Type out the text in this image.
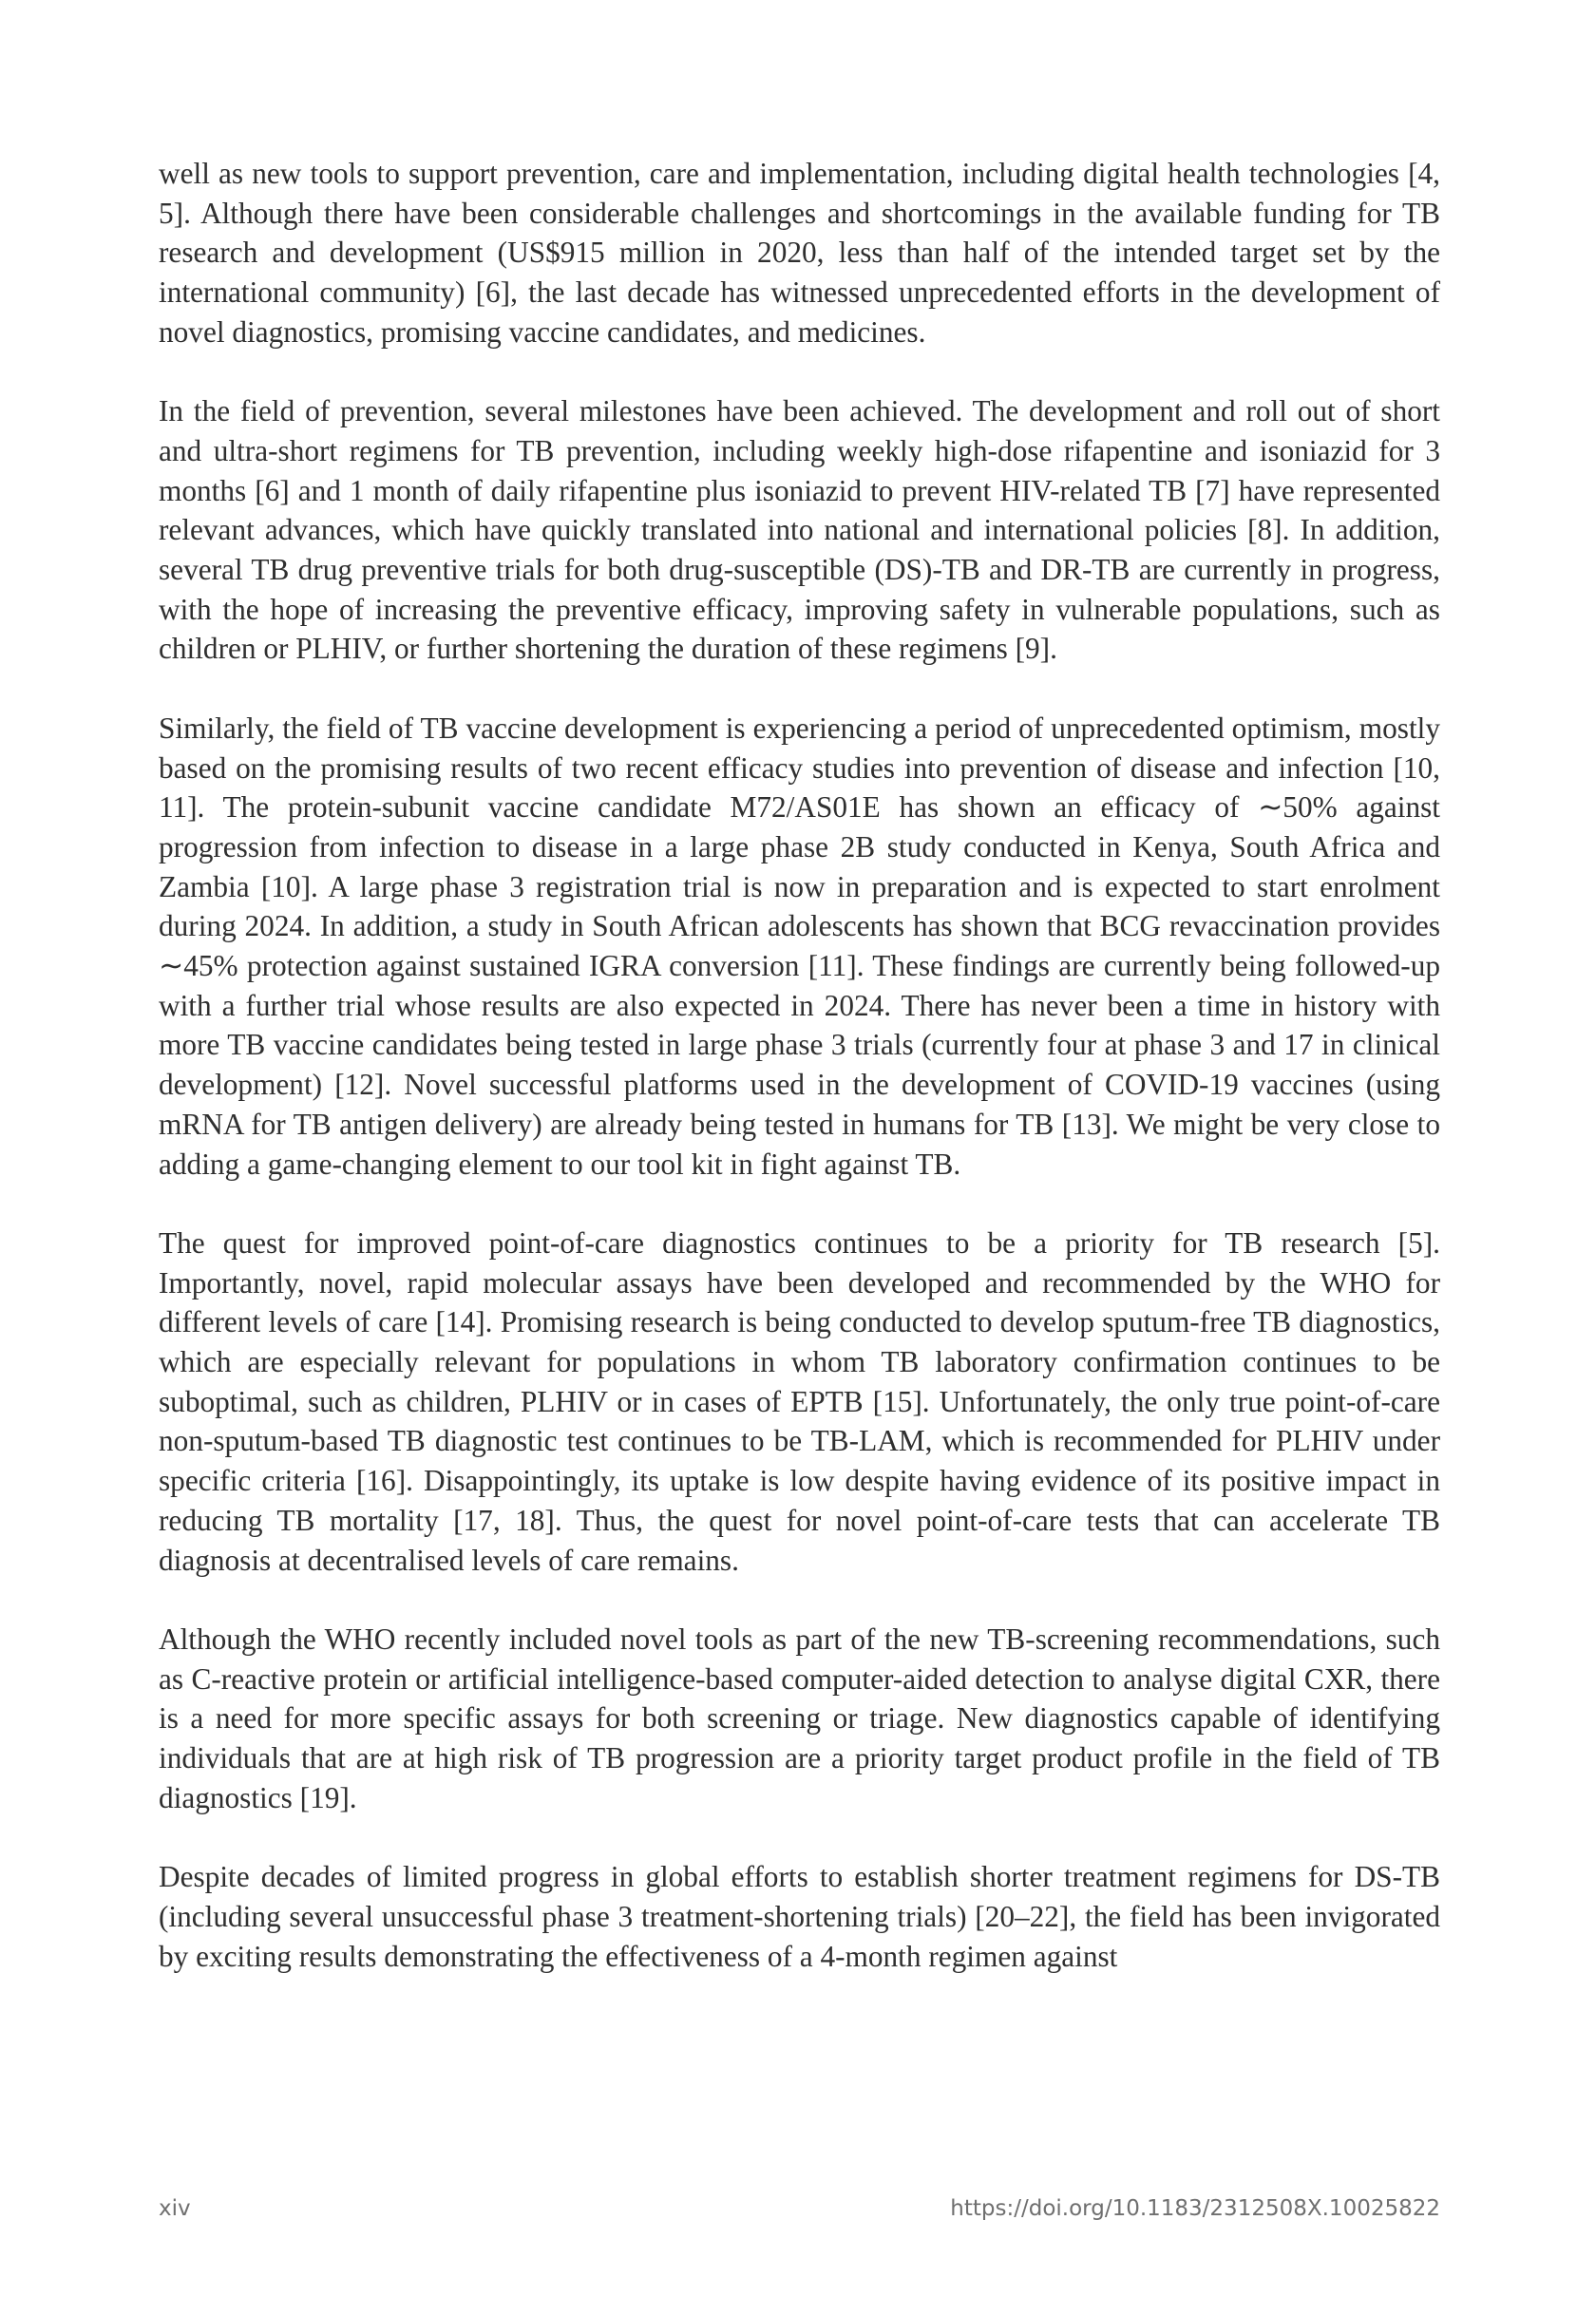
well as new tools to support prevention, care and implementation, including digital health technologies [4, 5]. Although there have been considerable challenges and shortcomings in the available funding for TB research and development (US$915 million in 2020, less than half of the intended target set by the international community) [6], the last decade has witnessed unprecedented efforts in the development of novel diagnostics, promising vaccine candidates, and medicines.

In the field of prevention, several milestones have been achieved. The development and roll out of short and ultra-short regimens for TB prevention, including weekly high-dose rifapentine and isoniazid for 3 months [6] and 1 month of daily rifapentine plus isoniazid to prevent HIV-related TB [7] have represented relevant advances, which have quickly translated into national and international policies [8]. In addition, several TB drug preventive trials for both drug-susceptible (DS)-TB and DR-TB are currently in progress, with the hope of increasing the preventive efficacy, improving safety in vulnerable populations, such as children or PLHIV, or further shortening the duration of these regimens [9].

Similarly, the field of TB vaccine development is experiencing a period of unprecedented optimism, mostly based on the promising results of two recent efficacy studies into prevention of disease and infection [10, 11]. The protein-subunit vaccine candidate M72/AS01E has shown an efficacy of ∼50% against progression from infection to disease in a large phase 2B study conducted in Kenya, South Africa and Zambia [10]. A large phase 3 registration trial is now in preparation and is expected to start enrolment during 2024. In addition, a study in South African adolescents has shown that BCG revaccination provides ∼45% protection against sustained IGRA conversion [11]. These findings are currently being followed-up with a further trial whose results are also expected in 2024. There has never been a time in history with more TB vaccine candidates being tested in large phase 3 trials (currently four at phase 3 and 17 in clinical development) [12]. Novel successful platforms used in the development of COVID-19 vaccines (using mRNA for TB antigen delivery) are already being tested in humans for TB [13]. We might be very close to adding a game-changing element to our tool kit in fight against TB.

The quest for improved point-of-care diagnostics continues to be a priority for TB research [5]. Importantly, novel, rapid molecular assays have been developed and recommended by the WHO for different levels of care [14]. Promising research is being conducted to develop sputum-free TB diagnostics, which are especially relevant for populations in whom TB laboratory confirmation continues to be suboptimal, such as children, PLHIV or in cases of EPTB [15]. Unfortunately, the only true point-of-care non-sputum-based TB diagnostic test continues to be TB-LAM, which is recommended for PLHIV under specific criteria [16]. Disappointingly, its uptake is low despite having evidence of its positive impact in reducing TB mortality [17, 18]. Thus, the quest for novel point-of-care tests that can accelerate TB diagnosis at decentralised levels of care remains.

Although the WHO recently included novel tools as part of the new TB-screening recommendations, such as C-reactive protein or artificial intelligence-based computer-aided detection to analyse digital CXR, there is a need for more specific assays for both screening or triage. New diagnostics capable of identifying individuals that are at high risk of TB progression are a priority target product profile in the field of TB diagnostics [19].

Despite decades of limited progress in global efforts to establish shorter treatment regimens for DS-TB (including several unsuccessful phase 3 treatment-shortening trials) [20–22], the field has been invigorated by exciting results demonstrating the effectiveness of a 4-month regimen against

xiv	https://doi.org/10.1183/2312508X.10025822
